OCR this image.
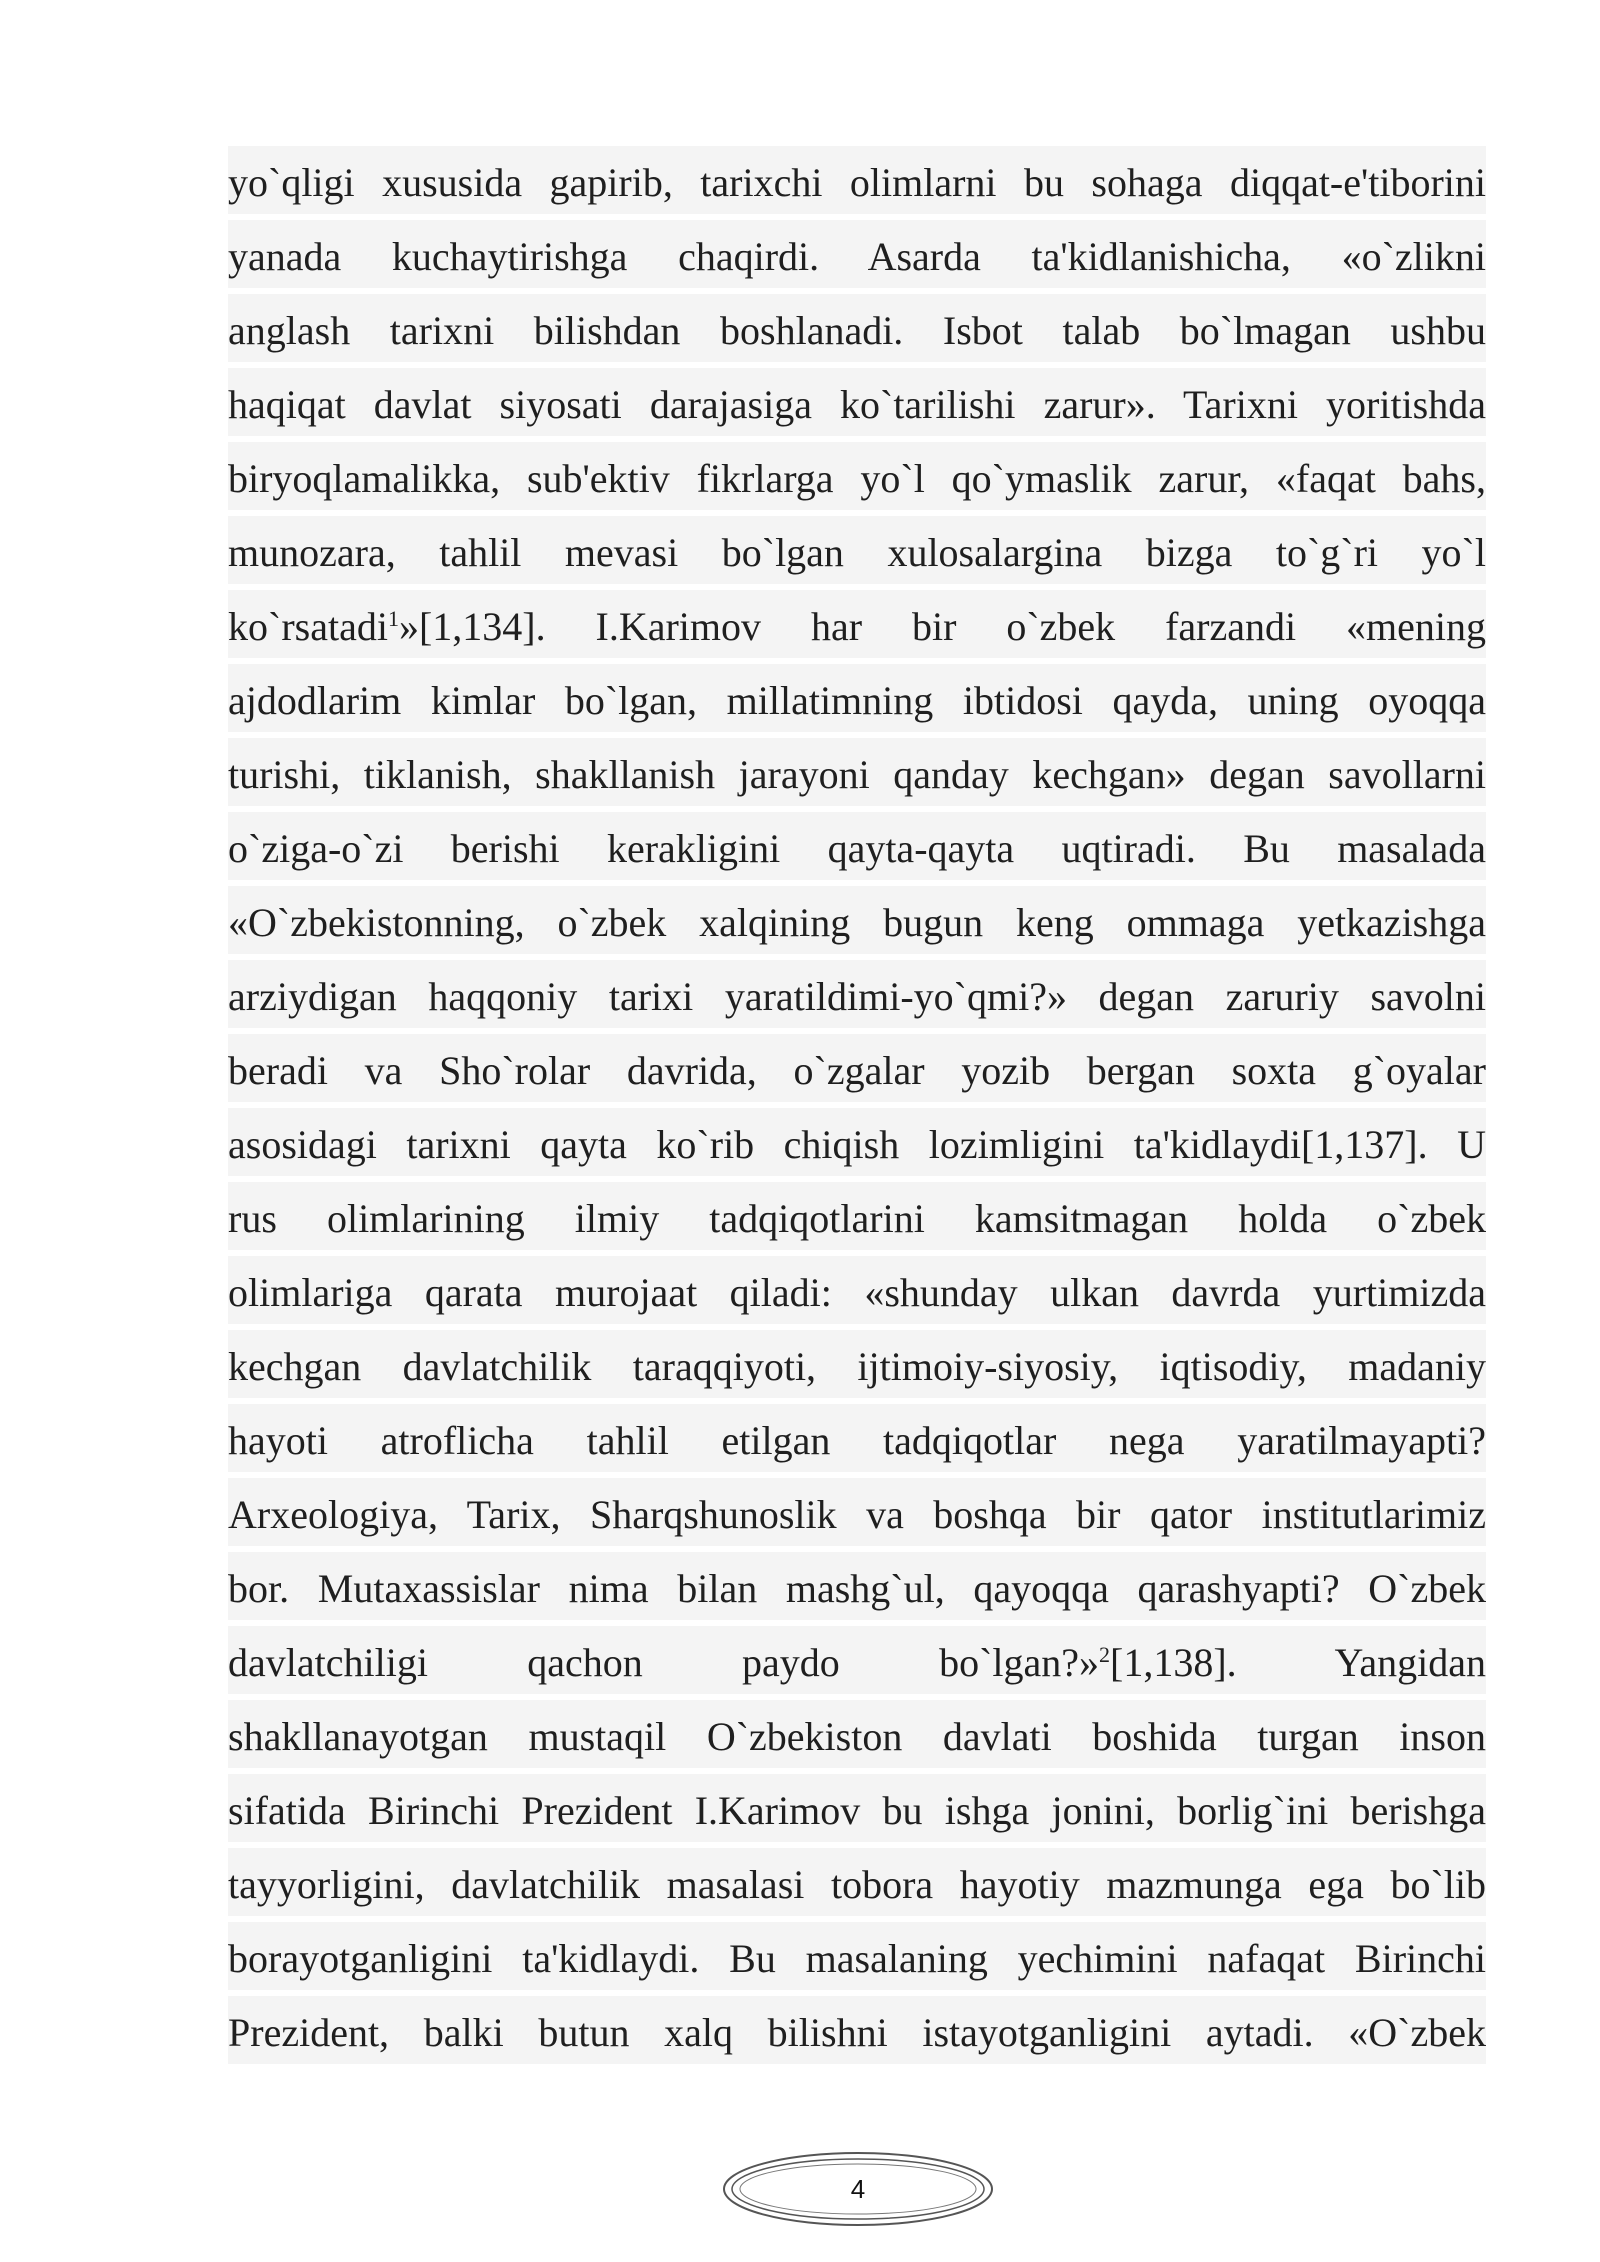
yo`qligi xususida gapirib, tarixchi olimlarni bu sohaga diqqat-e'tiborini
yanada kuchaytirishga chaqirdi. Asarda ta'kidlanishicha, «o`zlikni
anglash tarixni bilishdan boshlanadi. Isbot talab bo`lmagan ushbu
haqiqat davlat siyosati darajasiga ko`tarilishi zarur». Tarixni yoritishda
biryoqlamalikka, sub'ektiv fikrlarga yo`l qo`ymaslik zarur, «faqat bahs,
munozara, tahlil mevasi bo`lgan xulosalargina bizga to`g`ri yo`l
ko`rsatadi$^1$»[1,134]. I.Karimov har bir o`zbek farzandi «mening
ajdodlarim kimlar bo`lgan, millatimning ibtidosi qayda, uning oyoqqa
turishi, tiklanish, shakllanish jarayoni qanday kechgan» degan savollarni
o`ziga-o`zi berishi kerakligini qayta-qayta uqtiradi. Bu masalada
«O`zbekistonning, o`zbek xalqining bugun keng ommaga yetkazishga
arziydigan haqqoniy tarixi yaratildimi-yo`qmi?» degan zaruriy savolni
beradi va Sho`rolar davrida, o`zgalar yozib bergan soxta g`oyalar
asosidagi tarixni qayta ko`rib chiqish lozimligini ta'kidlaydi[1,137]. U
rus olimlarining ilmiy tadqiqotlarini kamsitmagan holda o`zbek
olimlariga qarata murojaat qiladi: «shunday ulkan davrda yurtimizda
kechgan davlatchilik taraqqiyoti, ijtimoiy-siyosiy, iqtisodiy, madaniy
hayoti atroflicha tahlil etilgan tadqiqotlar nega yaratilmayapti?
Arxeologiya, Tarix, Sharqshunoslik va boshqa bir qator institutlarimiz
bor. Mutaxassislar nima bilan mashg`ul, qayoqqa qarashyapti? O`zbek
davlatchiligi qachon paydo bo`lgan?»$^2$[1,138]. Yangidan
shakllanayotgan mustaqil O`zbekiston davlati boshida turgan inson
sifatida Birinchi Prezident I.Karimov bu ishga jonini, borlig`ini berishga
tayyorligini, davlatchilik masalasi tobora hayotiy mazmunga ega bo`lib
borayotganligini ta'kidlaydi. Bu masalaning yechimini nafaqat Birinchi
Prezident, balki butun xalq bilishni istayotganligini aytadi. «O`zbek
4
